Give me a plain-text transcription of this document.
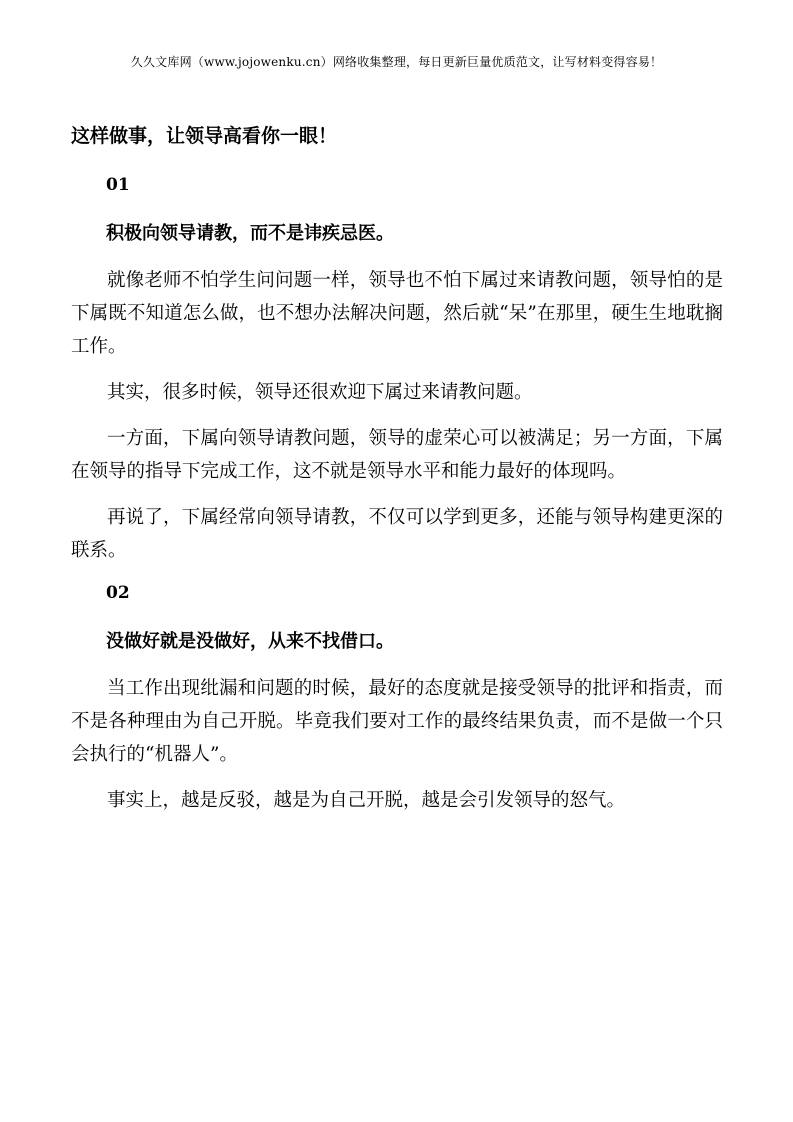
久久文库网（www.jojowenku.cn）网络收集整理，每日更新巨量优质范文，让写材料变得容易！
这样做事，让领导高看你一眼！
01
积极向领导请教，而不是讳疾忌医。

就像老师不怕学生问问题一样，领导也不怕下属过来请教问题，领导怕的是下属既不知道怎么做，也不想办法解决问题，然后就“呆”在那里，硬生生地耽搁工作。

其实，很多时候，领导还很欢迎下属过来请教问题。

一方面，下属向领导请教问题，领导的虚荣心可以被满足；另一方面，下属在领导的指导下完成工作，这不就是领导水平和能力最好的体现吗。

再说了，下属经常向领导请教，不仅可以学到更多，还能与领导构建更深的联系。

02
没做好就是没做好，从来不找借口。

当工作出现纰漏和问题的时候，最好的态度就是接受领导的批评和指责，而不是各种理由为自己开脱。毕竟我们要对工作的最终结果负责，而不是做一个只会执行的“机器人”。

事实上，越是反驳，越是为自己开脱，越是会引发领导的怒气。
